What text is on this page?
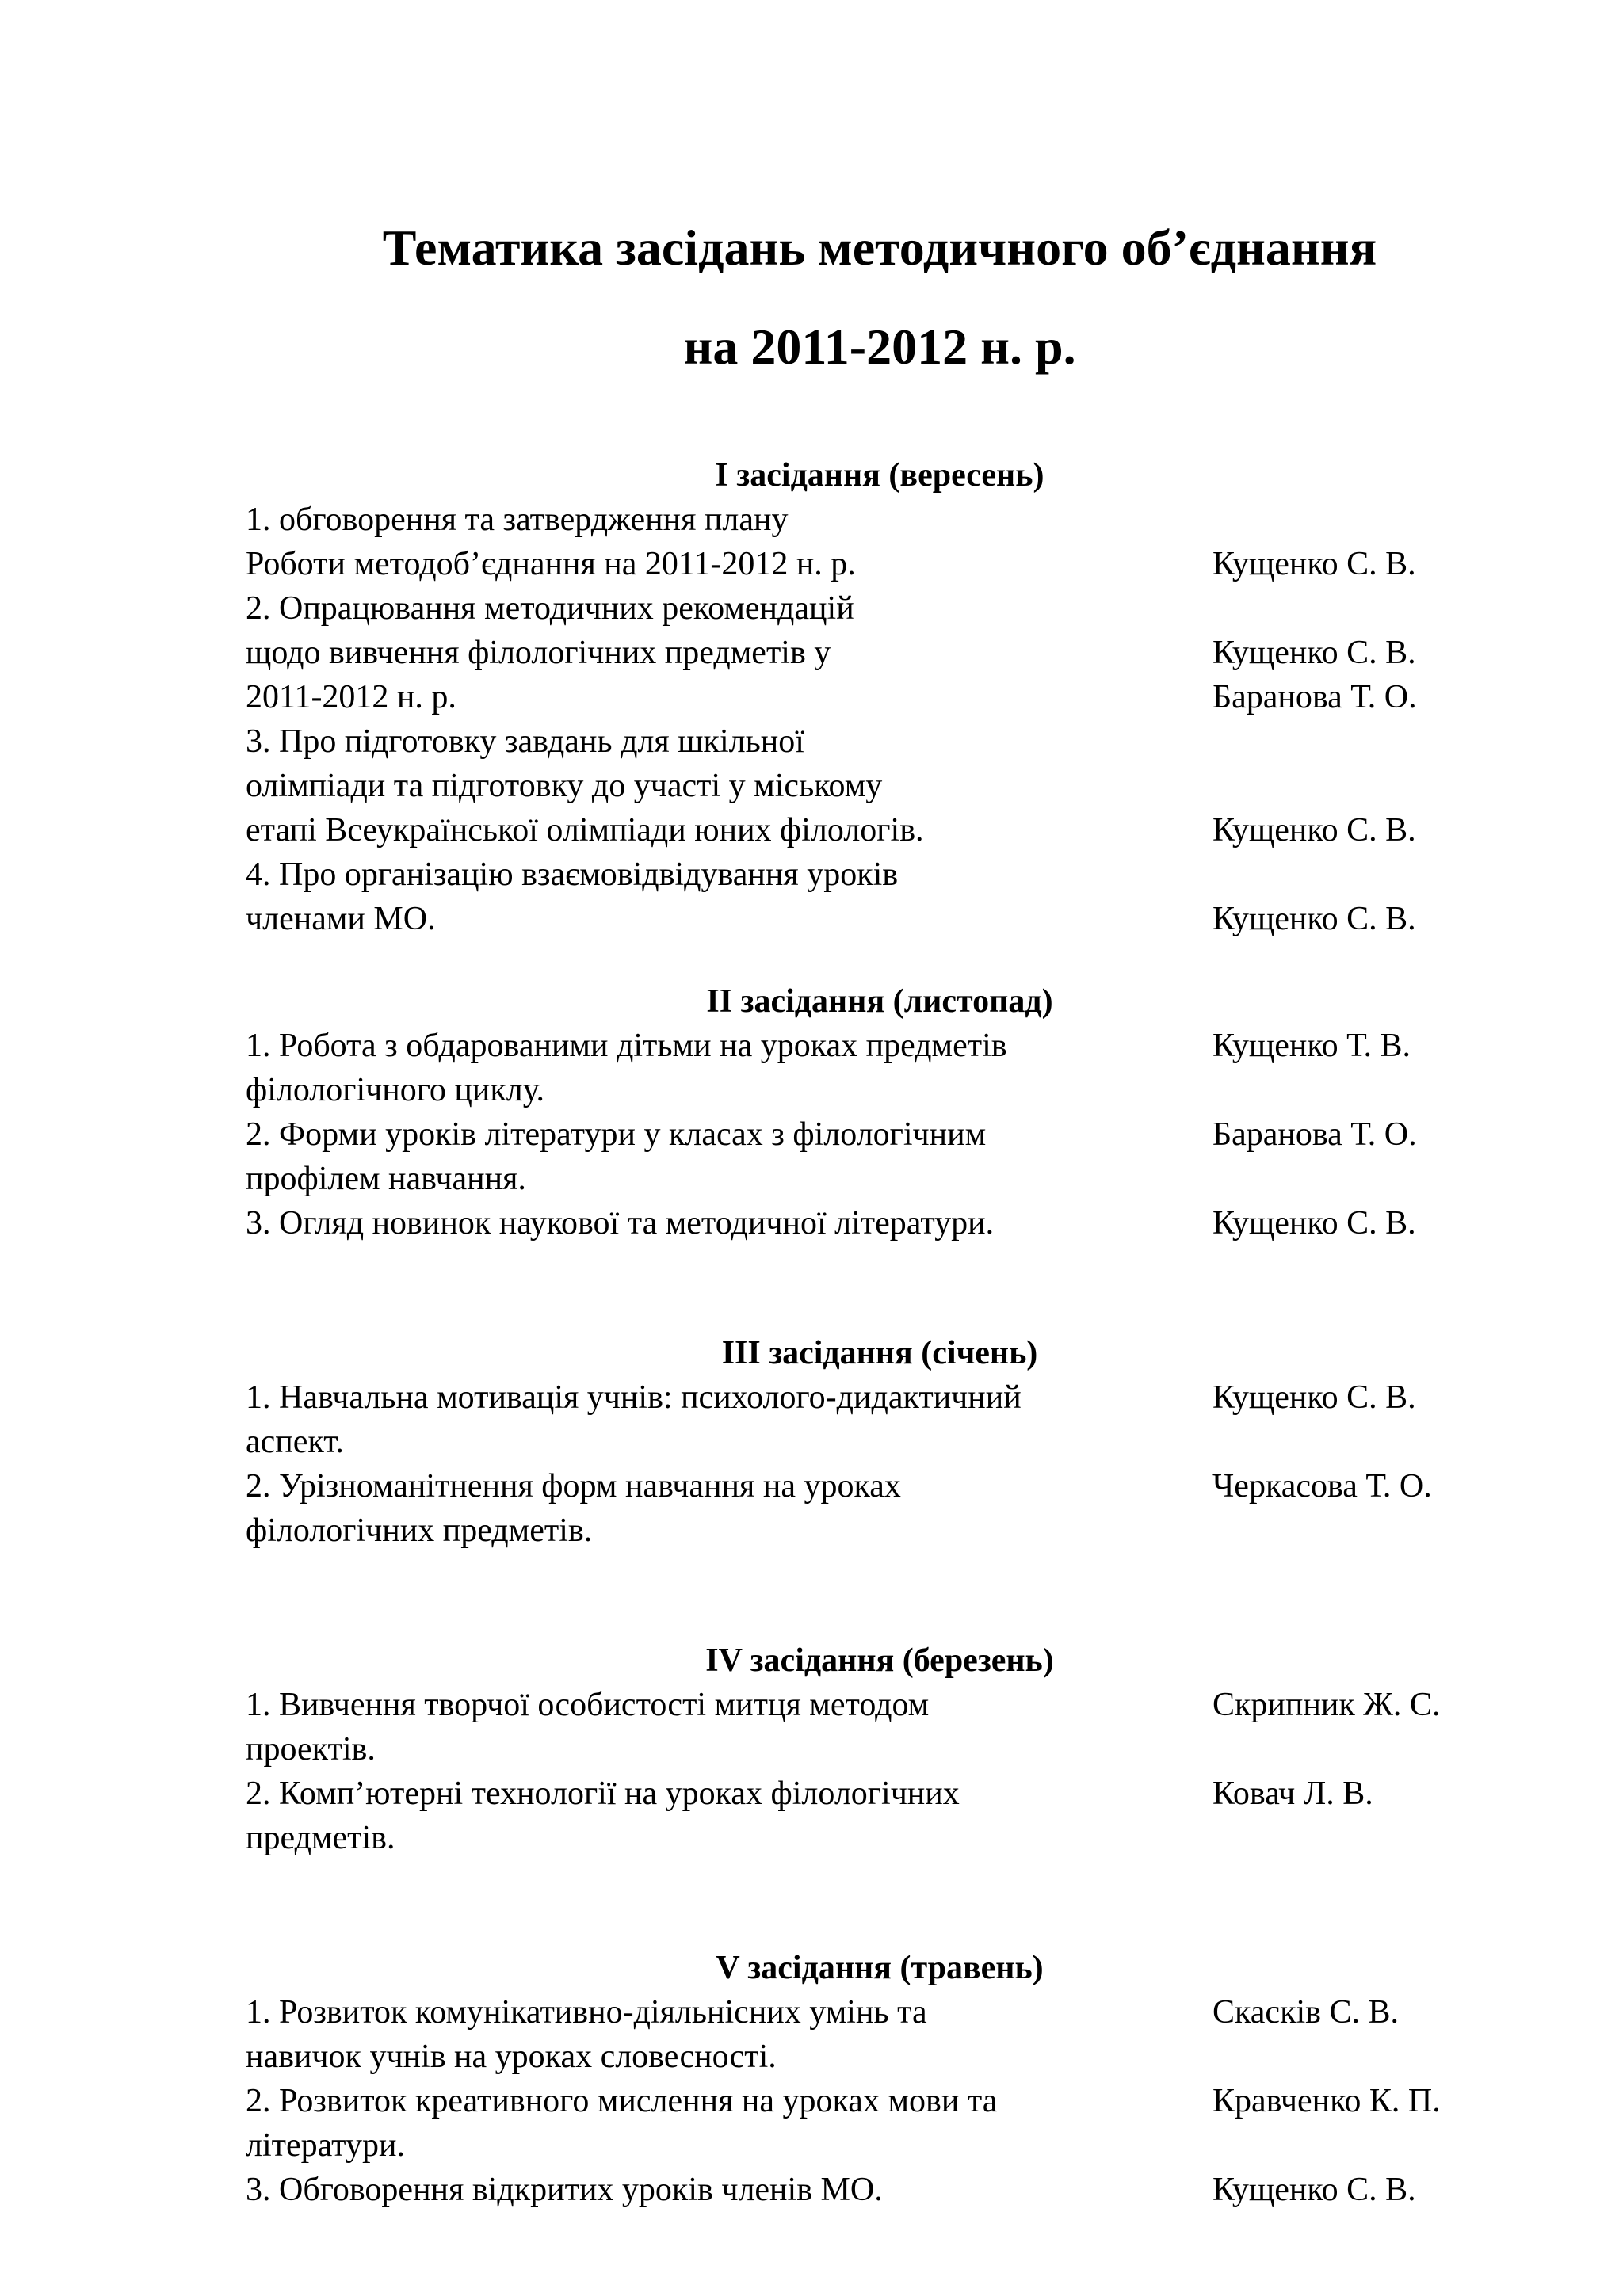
Тематика засідань методичного об’єднання
на 2011-2012 н. р.

І засідання (вересень)

1. обговорення та затвердження плану

Роботи методоб’єднання на 2011-2012 н. р.	Кущенко С. В.

2. Опрацювання методичних рекомендацій

щодо вивчення філологічних предметів у	Кущенко С. В.

2011-2012 н. р.	Баранова Т. О.

3. Про підготовку завдань для шкільної

олімпіади та підготовку до участі у міському

етапі Всеукраїнської олімпіади юних філологів.	Кущенко С. В.

4. Про організацію взаємовідвідування уроків

членами МО.	Кущенко С. В.

ІІ засідання (листопад)

1. Робота з обдарованими дітьми на уроках предметів	Кущенко Т. В.

філологічного циклу.

2. Форми уроків літератури у класах з філологічним	Баранова Т. О.

профілем навчання.

3. Огляд новинок наукової та методичної літератури.	Кущенко С. В.

ІІІ засідання (січень)

1. Навчальна мотивація учнів: психолого-дидактичний	Кущенко С. В.

аспект.

2. Урізноманітнення форм навчання на уроках	Черкасова Т. О.

філологічних предметів.

IV засідання (березень)

1. Вивчення творчої особистості митця методом	Скрипник Ж. С.

проектів.

2. Комп’ютерні технології на уроках філологічних	Ковач Л. В.

предметів.

V засідання (травень)

1. Розвиток комунікативно-діяльнісних умінь та	Скасків С. В.

навичок учнів на уроках словесності.

2. Розвиток креативного мислення на уроках мови та	Кравченко К. П.

літератури.

3. Обговорення відкритих уроків членів МО.	Кущенко С. В.
